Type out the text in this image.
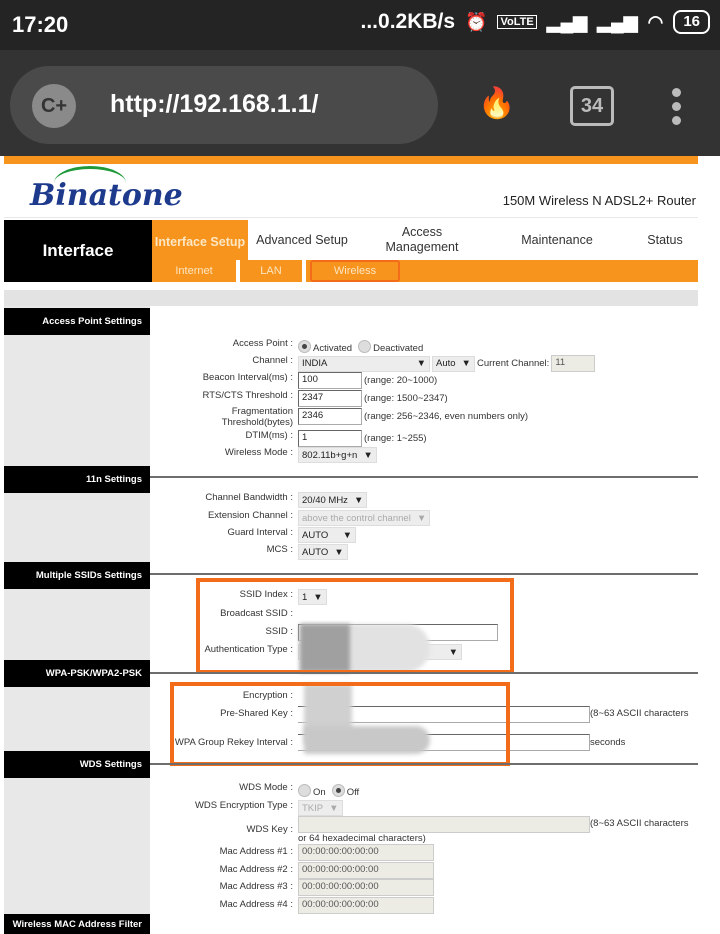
17:20	...0.2KB/s ⏰ VoLTE ▂▄▆ ▂▄▆ ◠	16
C+	http://192.168.1.1/	🔥	34
Binatone	150M Wireless N ADSL2+ Router
Interface	Interface Setup Advanced Setup
Access Management
Maintenance	Status
Internet	LAN	Wireless
Access Point Settings
Access Point : Activated Deactivated
Channel : INDIA	▼ Auto ▼ Current Channel: 11
Beacon Interval(ms) : 100	(range: 20~1000)
RTS/CTS Threshold : 2347	(range: 1500~2347)
Fragmentation
Threshold(bytes)
2346	(range: 256~2346, even numbers only)
DTIM(ms) : 1	(range: 1~255)
Wireless Mode : 802.11b+g+n ▼
11n Settings
Channel Bandwidth : 20/40 MHz ▼
Extension Channel : above the control channel ▼
Guard Interval : AUTO ▼
MCS : AUTO ▼
Multiple SSIDs Settings
SSID Index : 1 ▼
Broadcast SSID :
SSID :
Authentication Type :	▼
WPA-PSK/WPA2-PSK
Encryption :
Pre-Shared Key :	(8~63 ASCII characters
WPA Group Rekey Interval :	seconds
WDS Settings
WDS Mode : On Off
WDS Encryption Type : TKIP ▼
WDS Key :
(8~63 ASCII characters
or 64 hexadecimal characters)
Mac Address #1 : 00:00:00:00:00:00
Mac Address #2 : 00:00:00:00:00:00
Mac Address #3 : 00:00:00:00:00:00
Mac Address #4 : 00:00:00:00:00:00
Wireless MAC Address Filter
